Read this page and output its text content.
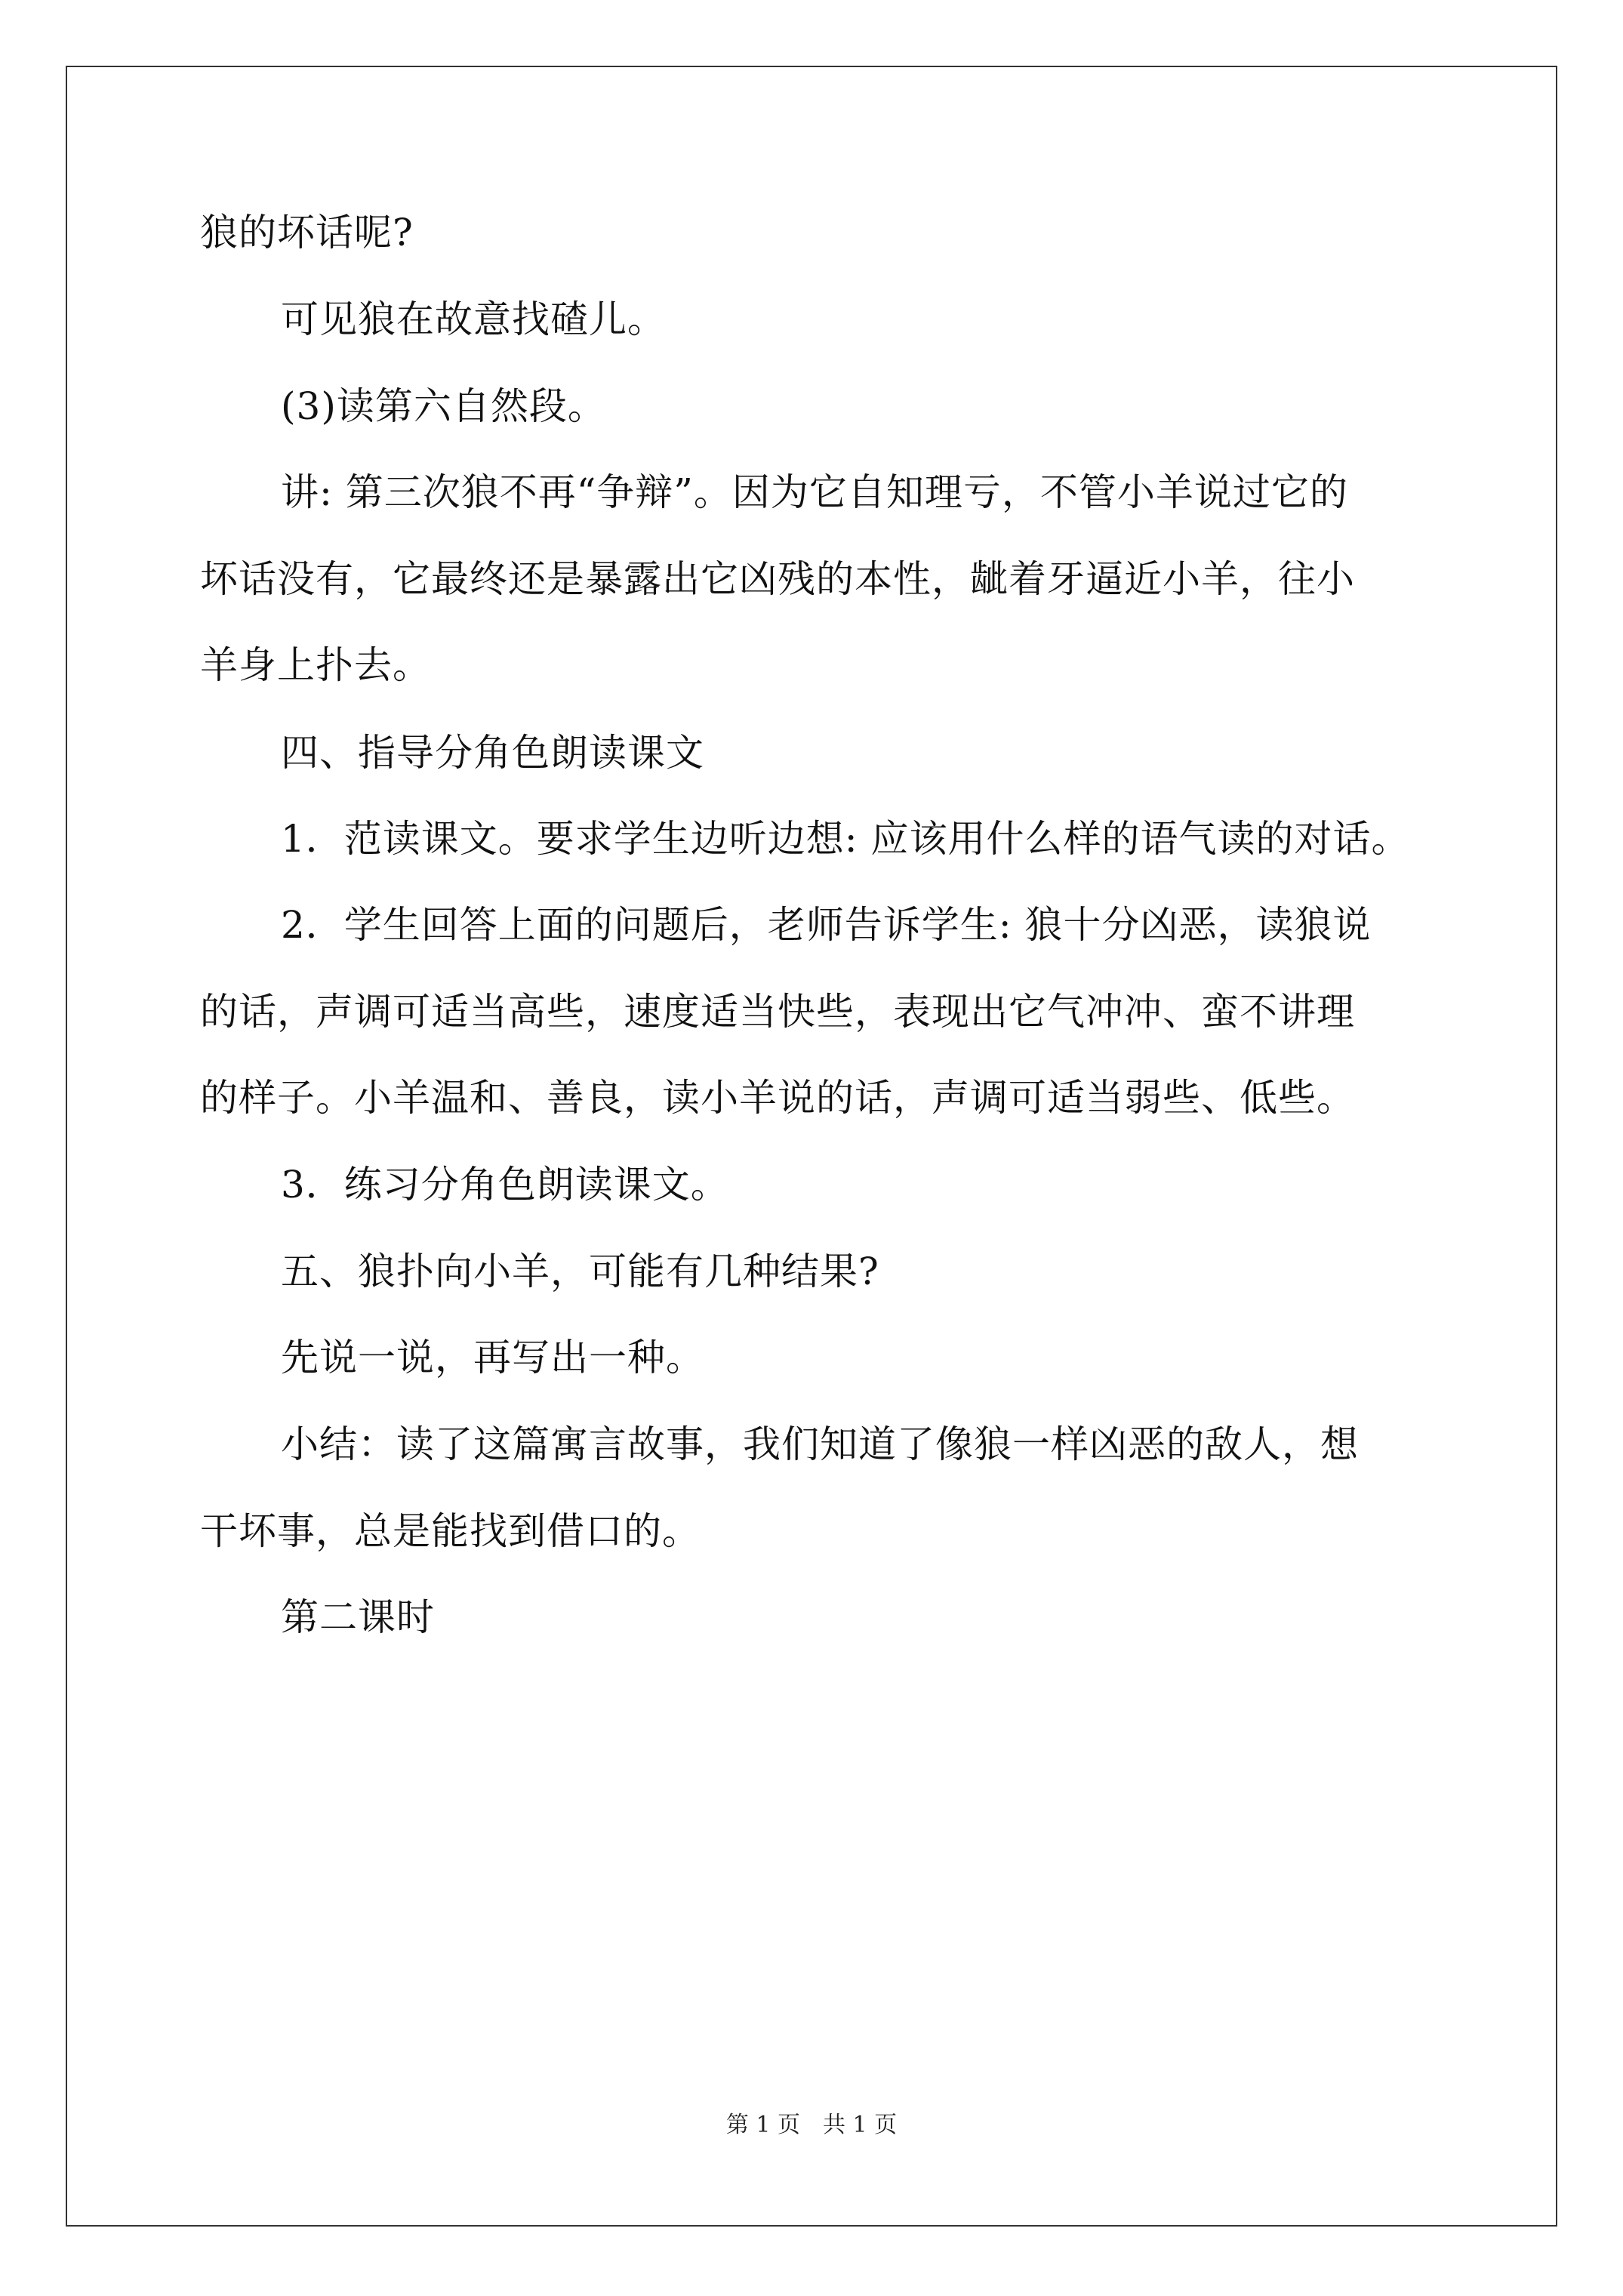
狼的坏话呢?
可见狼在故意找碴儿。
(3)读第六自然段。
讲: 第三次狼不再“争辩”。因为它自知理亏，不管小羊说过它的
坏话没有，它最终还是暴露出它凶残的本性，龇着牙逼近小羊，往小
羊身上扑去。
四、指导分角色朗读课文
1．范读课文。要求学生边听边想: 应该用什么样的语气读的对话。
2．学生回答上面的问题后，老师告诉学生: 狼十分凶恶，读狼说
的话，声调可适当高些，速度适当快些，表现出它气冲冲、蛮不讲理
的样子。小羊温和、善良，读小羊说的话，声调可适当弱些、低些。
3．练习分角色朗读课文。
五、狼扑向小羊，可能有几种结果?
先说一说，再写出一种。
小结：读了这篇寓言故事，我们知道了像狼一样凶恶的敌人，想
干坏事，总是能找到借口的。
第二课时
第 1 页　共 1 页
